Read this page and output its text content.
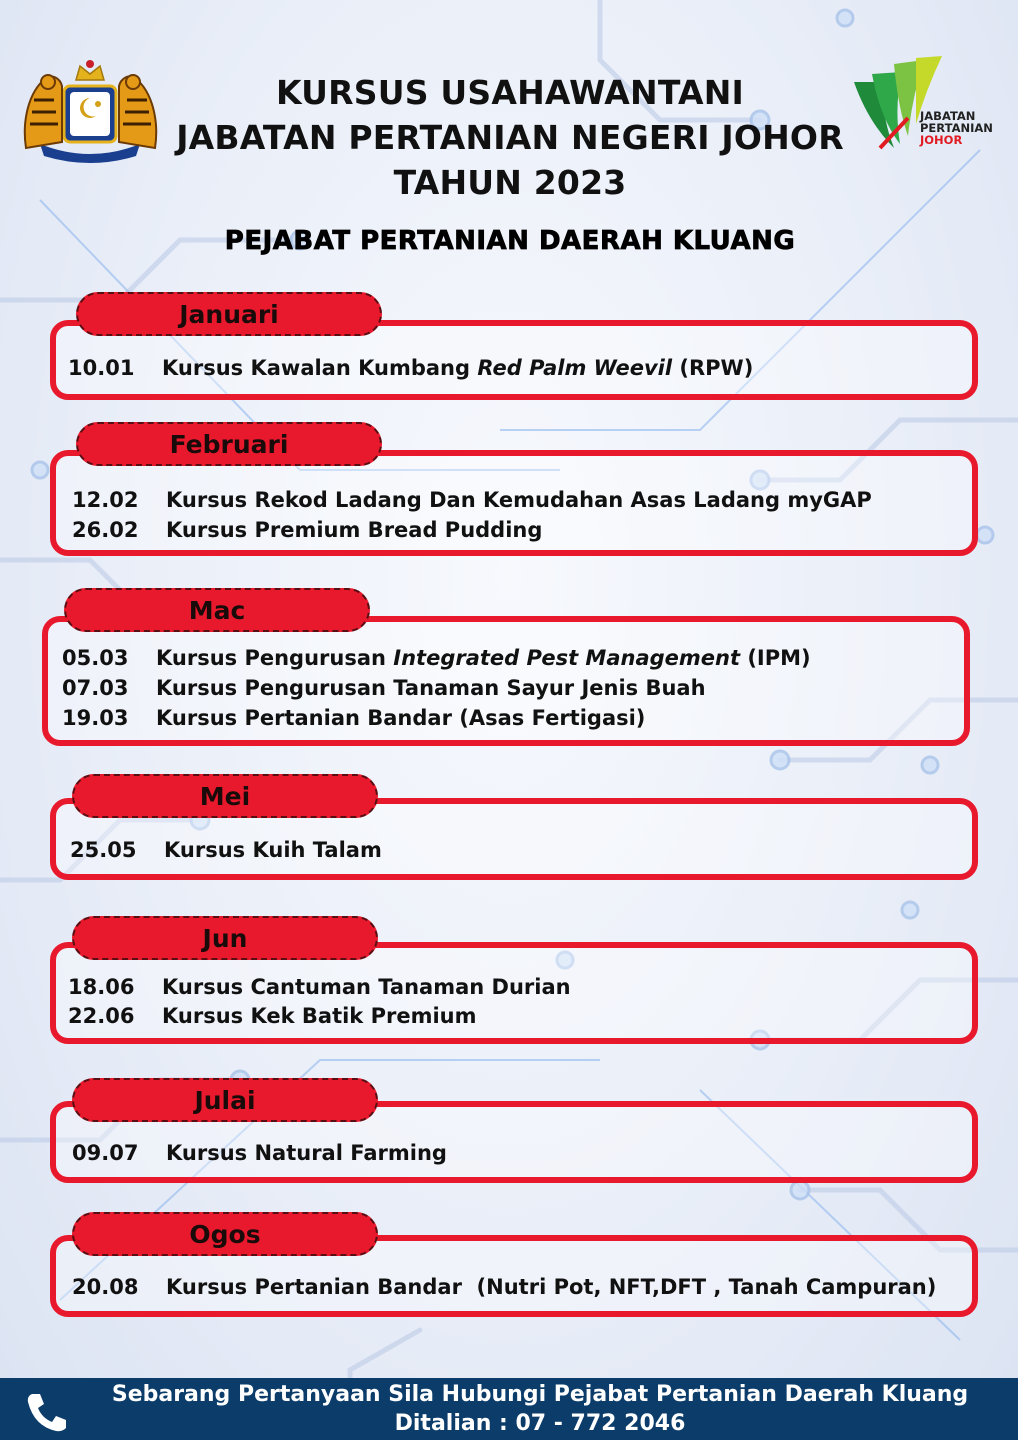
KURSUS USAHAWANTANI
JABATAN PERTANIAN NEGERI JOHOR
TAHUN 2023
PEJABAT PERTANIAN DAERAH KLUANG
JABATAN
PERTANIAN
JOHOR
Januari
10.01	Kursus Kawalan Kumbang Red Palm Weevil (RPW)
Februari
12.02	Kursus Rekod Ladang Dan Kemudahan Asas Ladang myGAP
26.02	Kursus Premium Bread Pudding
Mac
05.03	Kursus Pengurusan Integrated Pest Management (IPM)
07.03	Kursus Pengurusan Tanaman Sayur Jenis Buah
19.03	Kursus Pertanian Bandar (Asas Fertigasi)
Mei
25.05	Kursus Kuih Talam
Jun
18.06	Kursus Cantuman Tanaman Durian
22.06	Kursus Kek Batik Premium
Julai
09.07	Kursus Natural Farming
Ogos
20.08	Kursus Pertanian Bandar  (Nutri Pot, NFT,DFT , Tanah Campuran)
Sebarang Pertanyaan Sila Hubungi Pejabat Pertanian Daerah Kluang
Ditalian : 07 - 772 2046
